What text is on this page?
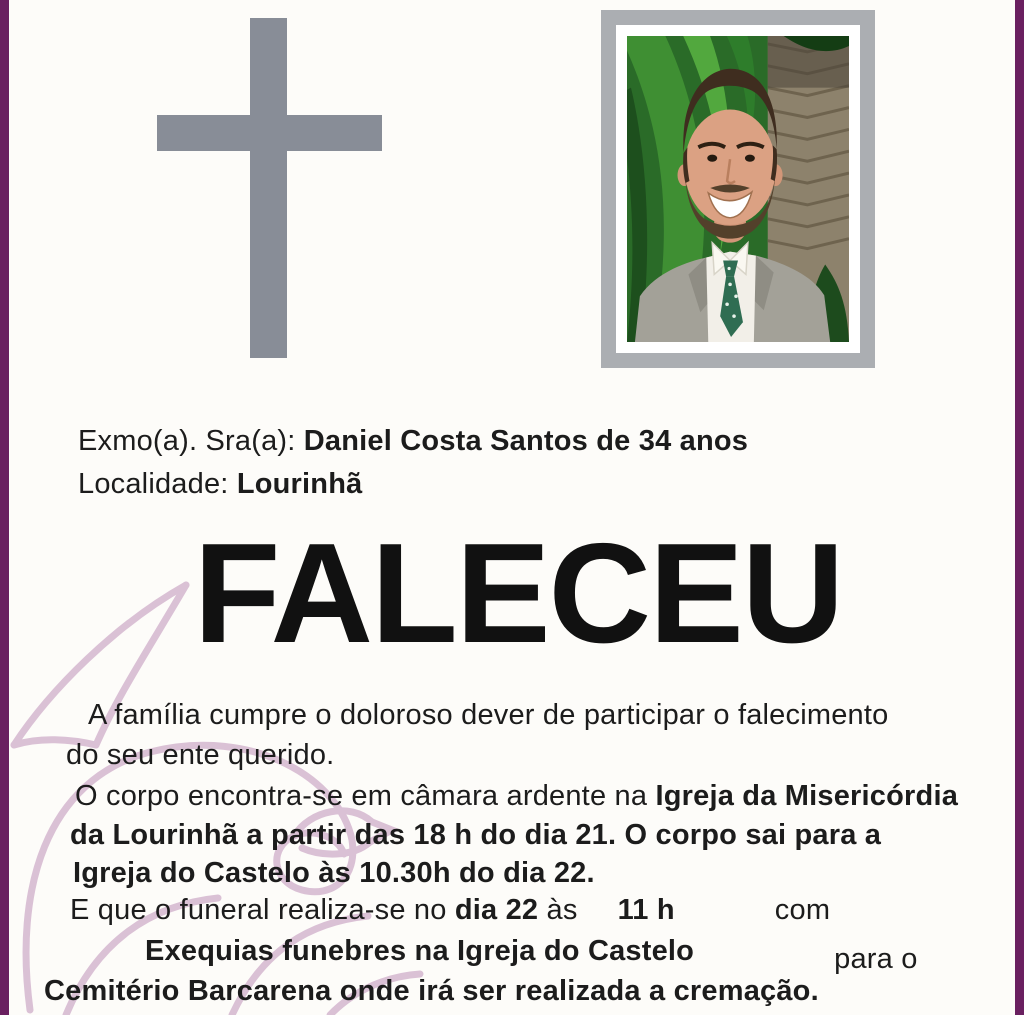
Exmo(a). Sra(a): Daniel Costa Santos de 34 anos
Localidade: Lourinhã
FALECEU
A família cumpre o doloroso dever de participar o falecimento
do seu ente querido.
O corpo encontra-se em câmara ardente na Igreja da Misericórdia
da Lourinhã a partir das 18 h do dia 21. O corpo sai para a
Igreja do Castelo às 10.30h do dia 22.
E que o funeral realiza-se no dia 22 às 11 h	com
Exequias funebres na Igreja do Castelo	para o
Cemitério Barcarena onde irá ser realizada a cremação.
